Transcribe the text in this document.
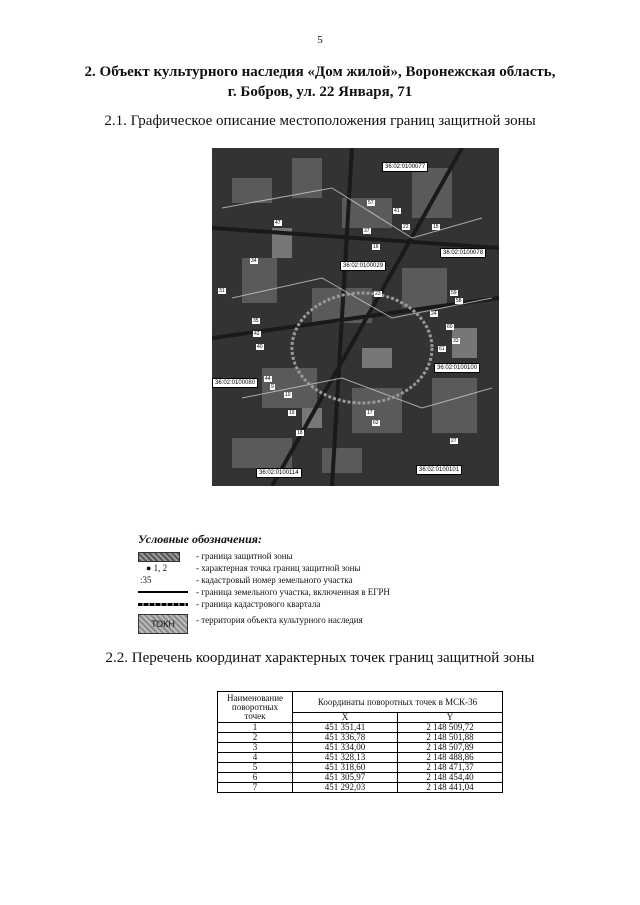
5
2. Объект культурного наследия «Дом жилой», Воронежская область,
г. Бобров, ул. 22 Января, 71
2.1. Графическое описание местоположения границ защитной зоны
36:02:0100077
36:02:0100029
36:02:0100078
36:02:0100080
36:02:0100100
36:02:0100114	36:02:0100101
57
41
47
37
22	15
16
34
31	59
58
23
24
35
42
40	61
60
33
44
9
10
17
19
62
18
27
Условные обозначения:
- граница защитной зоны
● 1, 2	- характерная точка границ защитной зоны
:35	- кадастровый номер земельного участка
- граница земельного участка, включенная в ЕГРН
- граница кадастрового квартала
ТОКН	- территория объекта культурного наследия
2.2. Перечень координат характерных точек границ защитной зоны
Наименование поворотных точек	Координаты поворотных точек в МСК-36	
	X	Y
1	451 351,41	2 148 509,72
2	451 336,78	2 148 501,88
3	451 334,00	2 148 507,89
4	451 328,13	2 148 488,86
5	451 318,60	2 148 471,37
6	451 305,97	2 148 454,40
7	451 292,03	2 148 441,04
